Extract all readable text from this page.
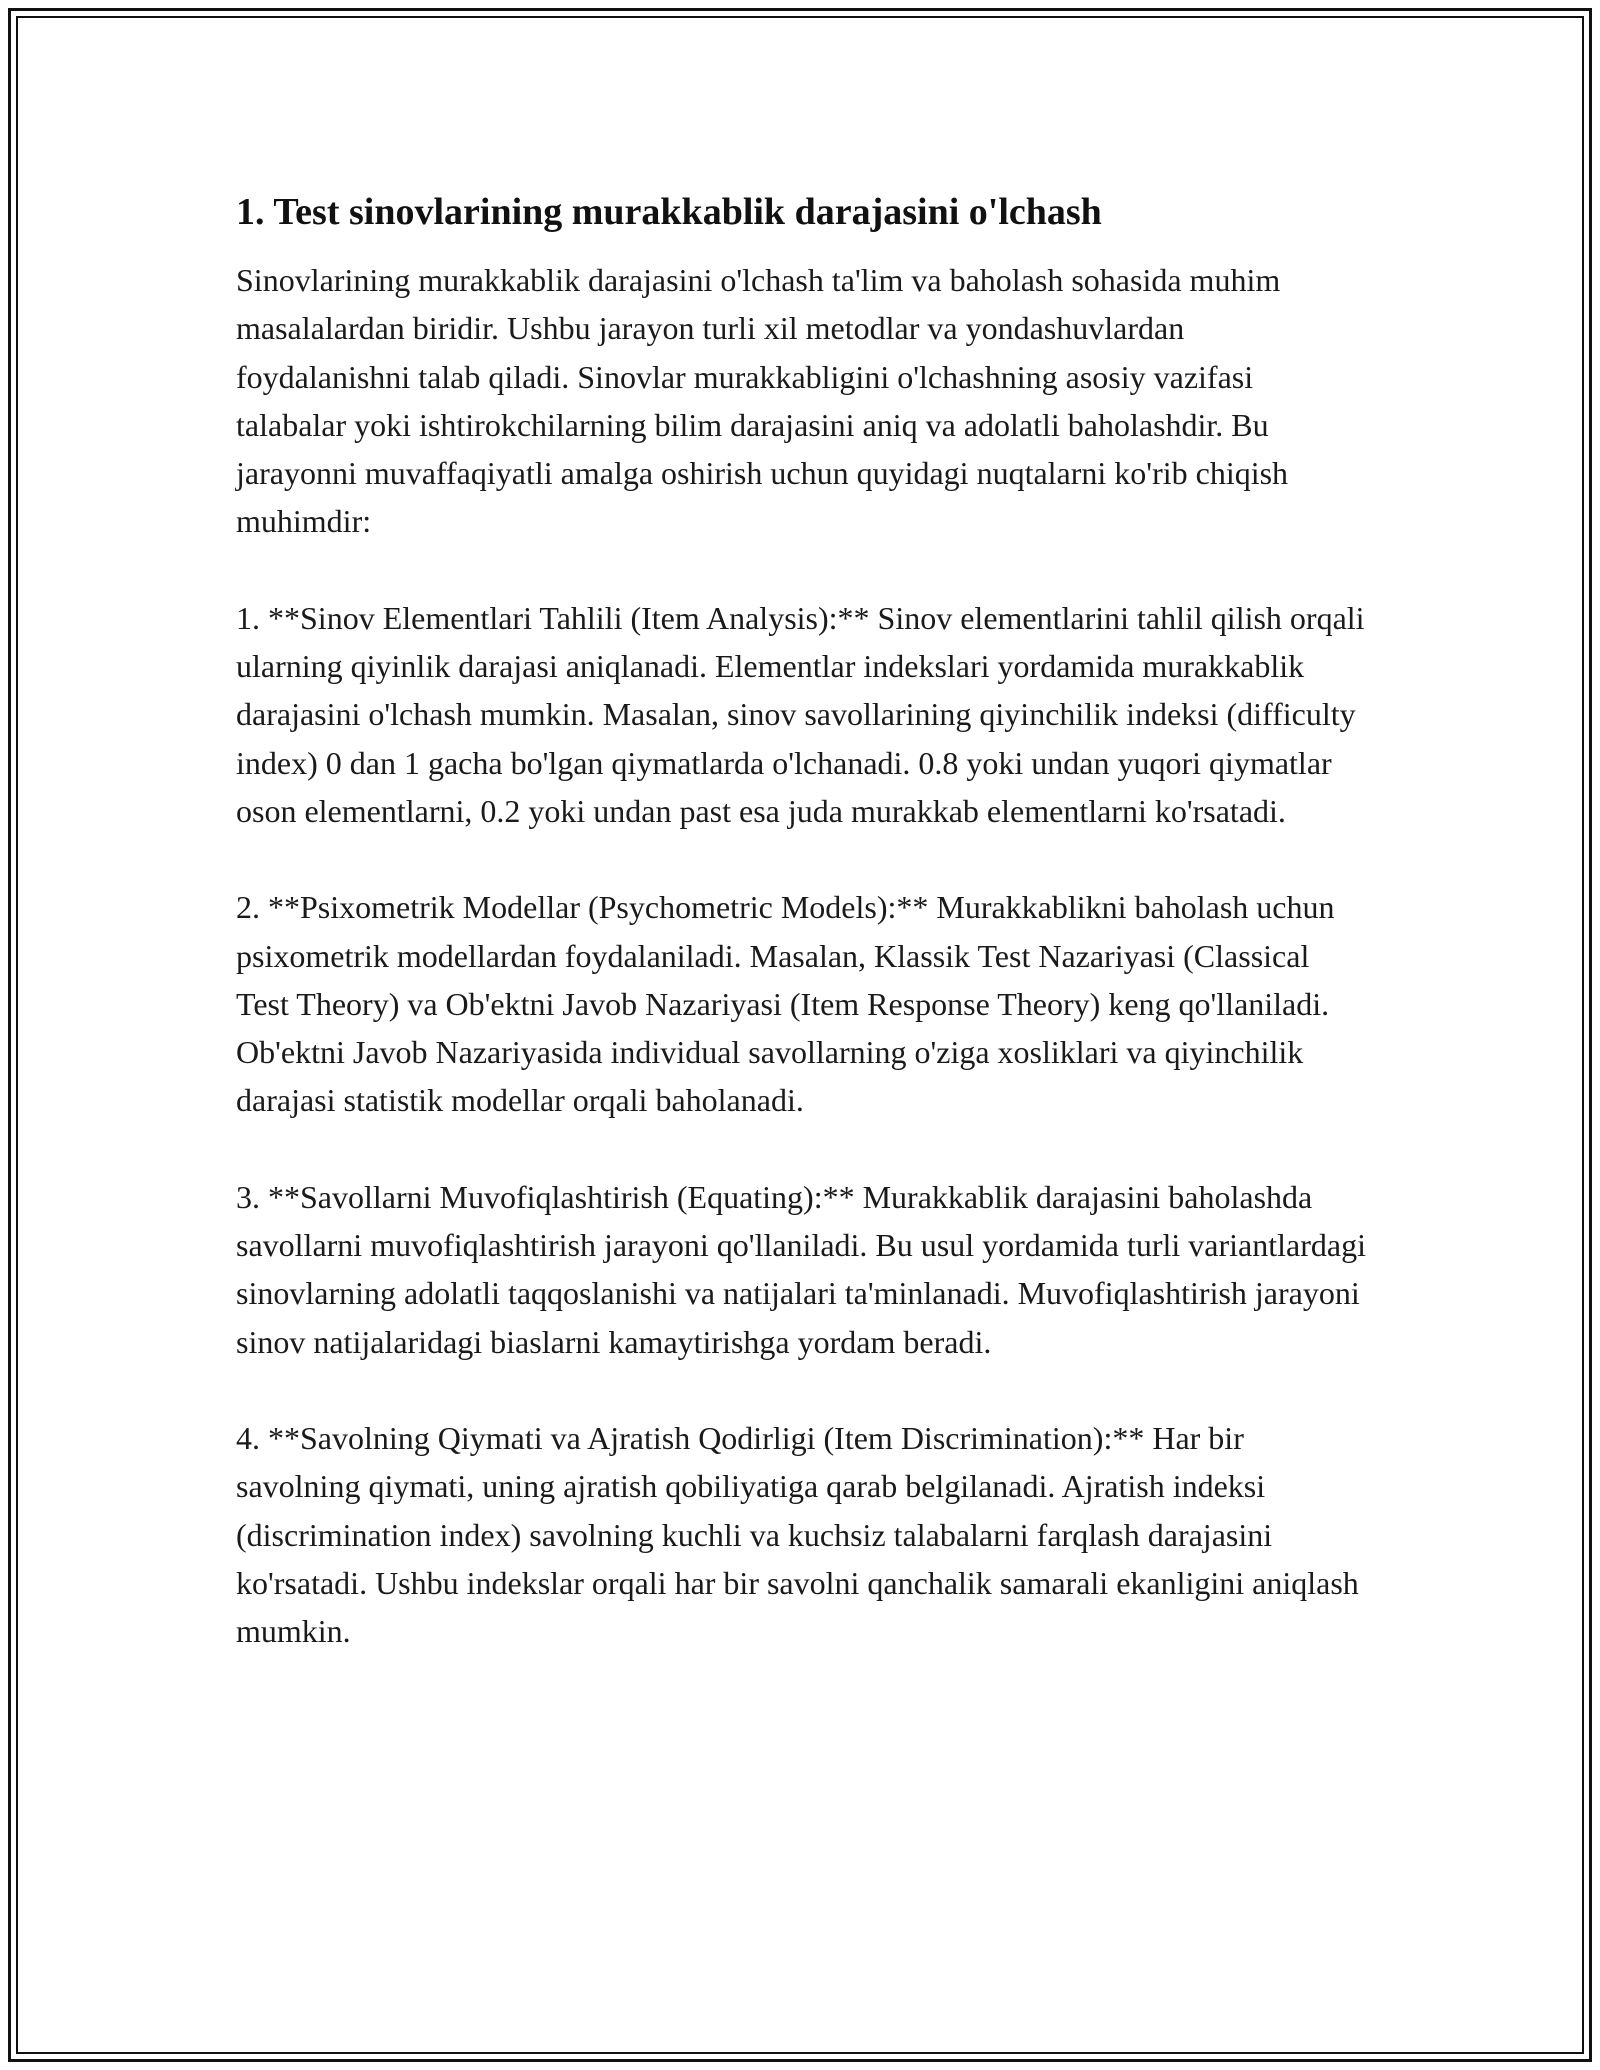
1. Test sinovlarining murakkablik darajasini o'lchash

Sinovlarining murakkablik darajasini o'lchash ta'lim va baholash sohasida muhim masalalardan biridir. Ushbu jarayon turli xil metodlar va yondashuvlardan foydalanishni talab qiladi. Sinovlar murakkabligini o'lchashning asosiy vazifasi talabalar yoki ishtirokchilarning bilim darajasini aniq va adolatli baholashdir. Bu jarayonni muvaffaqiyatli amalga oshirish uchun quyidagi nuqtalarni ko'rib chiqish muhimdir:

1. **Sinov Elementlari Tahlili (Item Analysis):** Sinov elementlarini tahlil qilish orqali ularning qiyinlik darajasi aniqlanadi. Elementlar indekslari yordamida murakkablik darajasini o'lchash mumkin. Masalan, sinov savollarining qiyinchilik indeksi (difficulty index) 0 dan 1 gacha bo'lgan qiymatlarda o'lchanadi. 0.8 yoki undan yuqori qiymatlar oson elementlarni, 0.2 yoki undan past esa juda murakkab elementlarni ko'rsatadi.

2. **Psixometrik Modellar (Psychometric Models):** Murakkablikni baholash uchun psixometrik modellardan foydalaniladi. Masalan, Klassik Test Nazariyasi (Classical Test Theory) va Ob'ektni Javob Nazariyasi (Item Response Theory) keng qo'llaniladi. Ob'ektni Javob Nazariyasida individual savollarning o'ziga xosliklari va qiyinchilik darajasi statistik modellar orqali baholanadi.

3. **Savollarni Muvofiqlashtirish (Equating):** Murakkablik darajasini baholashda savollarni muvofiqlashtirish jarayoni qo'llaniladi. Bu usul yordamida turli variantlardagi sinovlarning adolatli taqqoslanishi va natijalari ta'minlanadi. Muvofiqlashtirish jarayoni sinov natijalaridagi biaslarni kamaytirishga yordam beradi.

4. **Savolning Qiymati va Ajratish Qodirligi (Item Discrimination):** Har bir savolning qiymati, uning ajratish qobiliyatiga qarab belgilanadi. Ajratish indeksi (discrimination index) savolning kuchli va kuchsiz talabalarni farqlash darajasini ko'rsatadi. Ushbu indekslar orqali har bir savolni qanchalik samarali ekanligini aniqlash mumkin.
